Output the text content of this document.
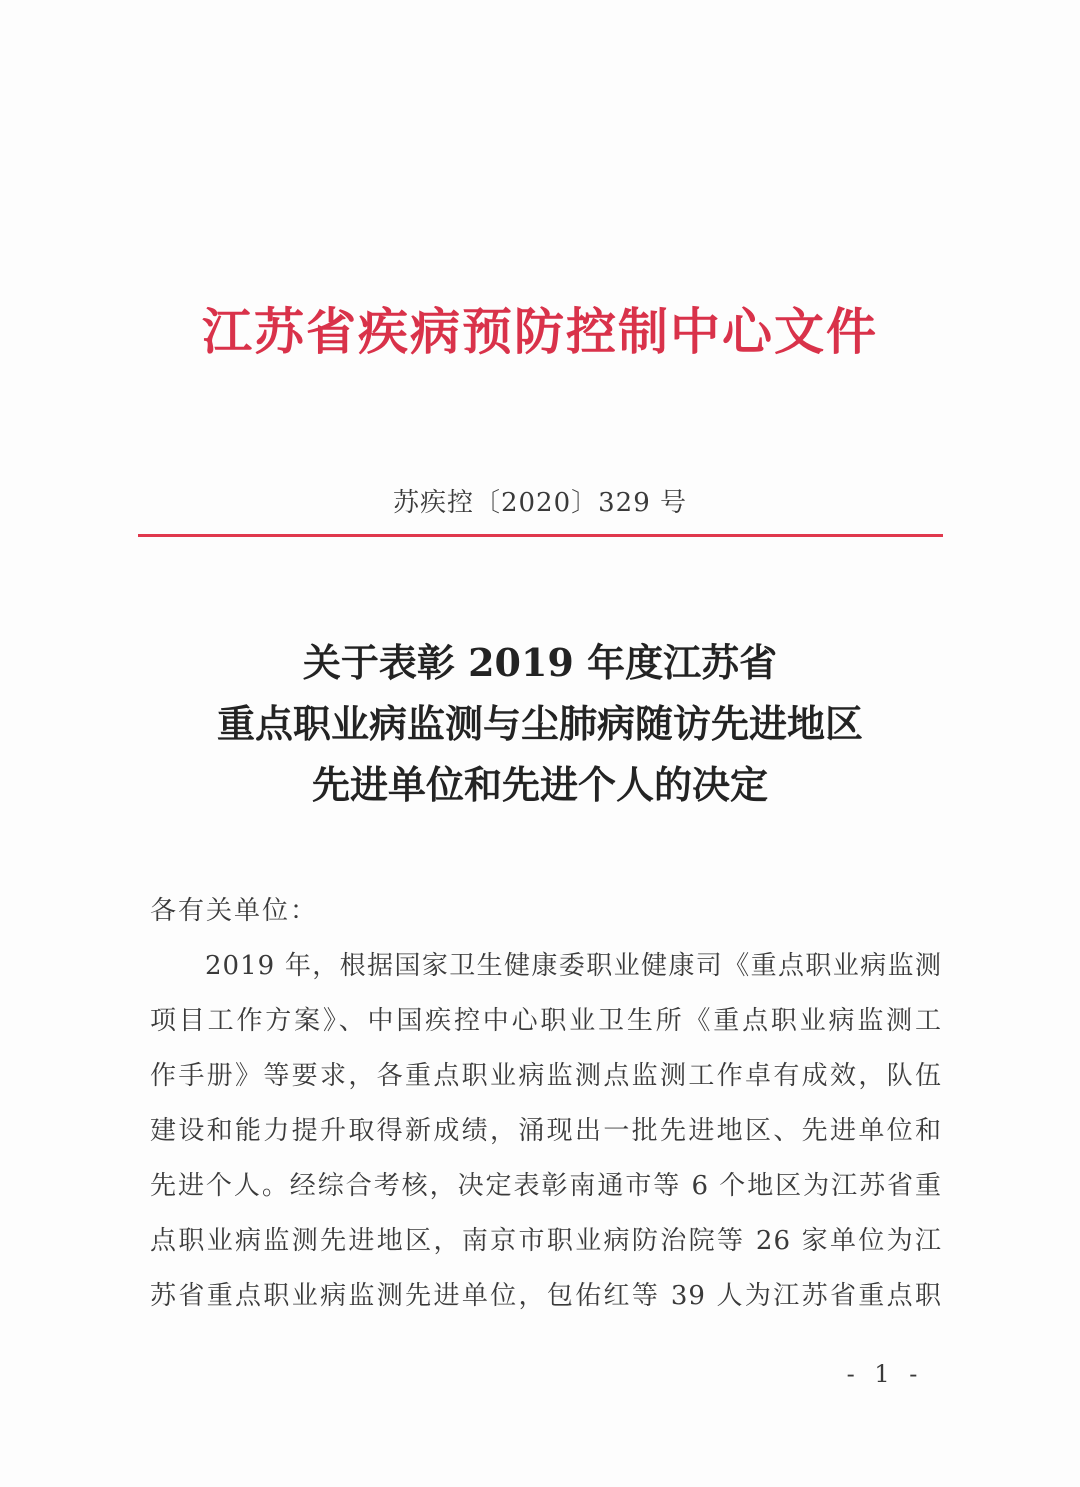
江苏省疾病预防控制中心文件
苏疾控〔2020〕329 号
关于表彰 2019 年度江苏省
重点职业病监测与尘肺病随访先进地区
先进单位和先进个人的决定
各有关单位：
2019 年，根据国家卫生健康委职业健康司《重点职业病监测
项目工作方案》、中国疾控中心职业卫生所《重点职业病监测工
作手册》等要求，各重点职业病监测点监测工作卓有成效，队伍
建设和能力提升取得新成绩，涌现出一批先进地区、先进单位和
先进个人。经综合考核，决定表彰南通市等 6 个地区为江苏省重
点职业病监测先进地区，南京市职业病防治院等 26 家单位为江
苏省重点职业病监测先进单位，包佑红等 39 人为江苏省重点职
- 1 -
